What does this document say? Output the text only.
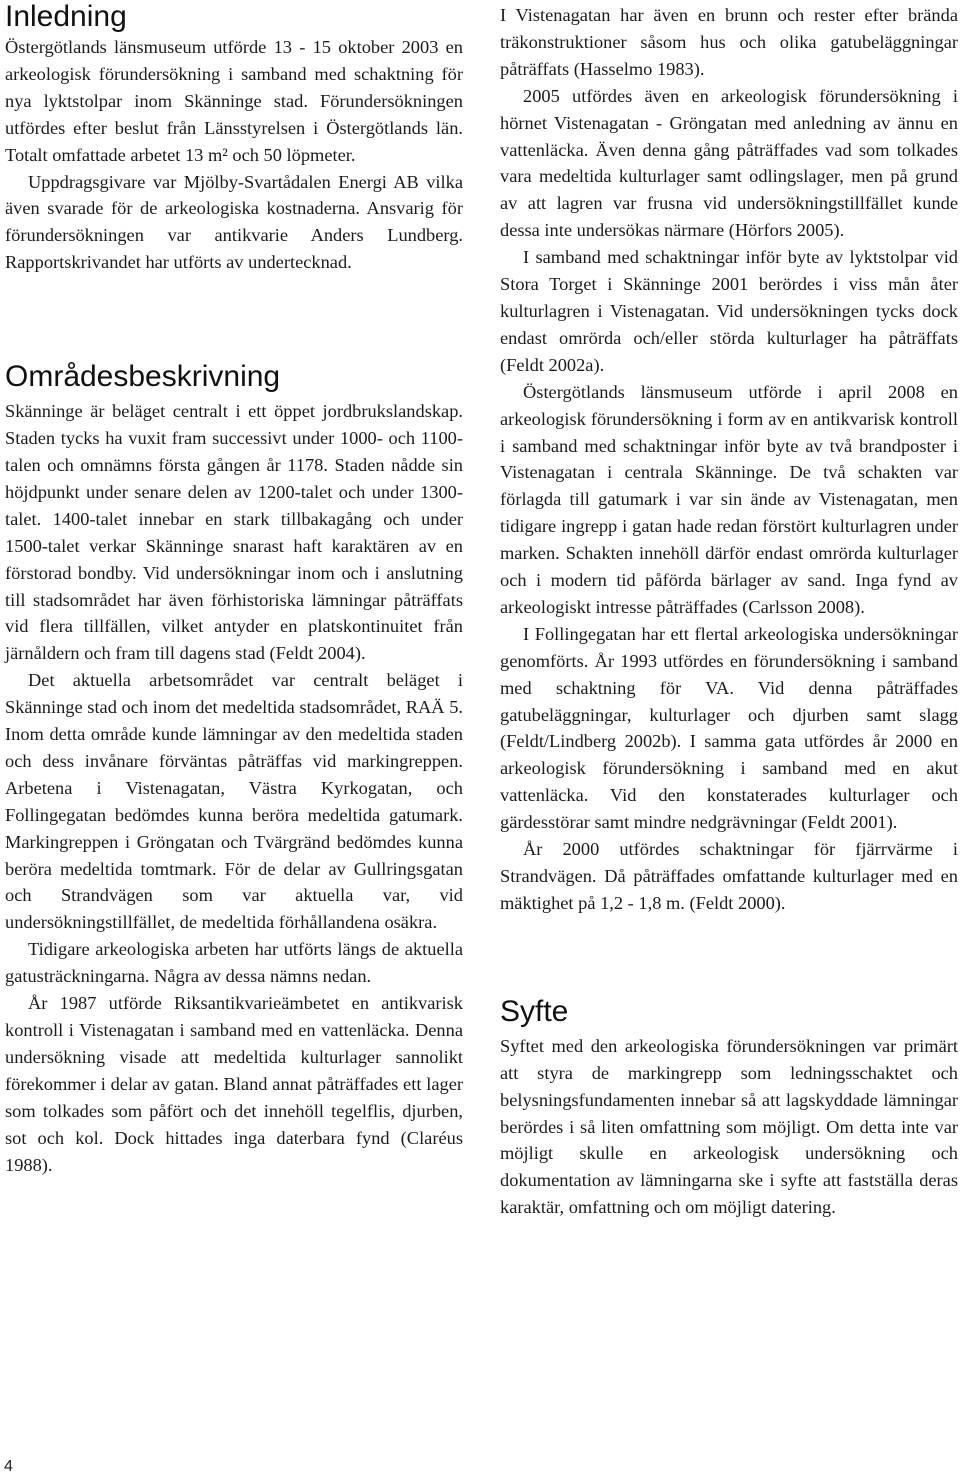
Inledning

Östergötlands länsmuseum utförde 13 - 15 oktober 2003 en arkeologisk förundersökning i samband med schaktning för nya lyktstolpar inom Skänninge stad. Förundersökningen utfördes efter beslut från Länsstyrelsen i Östergötlands län. Totalt omfattade arbetet 13 m² och 50 löpmeter.

Uppdragsgivare var Mjölby-Svartådalen Energi AB vilka även svarade för de arkeologiska kostnaderna. Ansvarig för förundersökningen var antikvarie Anders Lundberg. Rapportskrivandet har utförts av undertecknad.

Områdesbeskrivning

Skänninge är beläget centralt i ett öppet jordbrukslandskap. Staden tycks ha vuxit fram successivt under 1000- och 1100-talen och omnämns första gången år 1178. Staden nådde sin höjdpunkt under senare delen av 1200-talet och under 1300-talet. 1400-talet innebar en stark tillbakagång och under 1500-talet verkar Skänninge snarast haft karaktären av en förstorad bondby. Vid undersökningar inom och i anslutning till stadsområdet har även förhistoriska lämningar påträffats vid flera tillfällen, vilket antyder en platskontinuitet från järnåldern och fram till dagens stad (Feldt 2004).

Det aktuella arbetsområdet var centralt beläget i Skänninge stad och inom det medeltida stadsområdet, RAÄ 5. Inom detta område kunde lämningar av den medeltida staden och dess invånare förväntas påträffas vid markingreppen. Arbetena i Vistenagatan, Västra Kyrkogatan, och Follingegatan bedömdes kunna beröra medeltida gatumark. Markingreppen i Gröngatan och Tvärgränd bedömdes kunna beröra medeltida tomtmark. För de delar av Gullringsgatan och Strandvägen som var aktuella var, vid undersökningstillfället, de medeltida förhållandena osäkra.

Tidigare arkeologiska arbeten har utförts längs de aktuella gatusträckningarna. Några av dessa nämns nedan.

År 1987 utförde Riksantikvarieämbetet en antikvarisk kontroll i Vistenagatan i samband med en vattenläcka. Denna undersökning visade att medeltida kulturlager sannolikt förekommer i delar av gatan. Bland annat påträffades ett lager som tolkades som påfört och det innehöll tegelflis, djurben, sot och kol. Dock hittades inga daterbara fynd (Claréus 1988).

I Vistenagatan har även en brunn och rester efter brända träkonstruktioner såsom hus och olika gatubeläggningar påträffats (Hasselmo 1983).

2005 utfördes även en arkeologisk förundersökning i hörnet Vistenagatan - Gröngatan med anledning av ännu en vattenläcka. Även denna gång påträffades vad som tolkades vara medeltida kulturlager samt odlingslager, men på grund av att lagren var frusna vid undersökningstillfället kunde dessa inte undersökas närmare (Hörfors 2005).

I samband med schaktningar inför byte av lyktstolpar vid Stora Torget i Skänninge 2001 berördes i viss mån åter kulturlagren i Vistenagatan. Vid undersökningen tycks dock endast omrörda och/eller störda kulturlager ha påträffats (Feldt 2002a).

Östergötlands länsmuseum utförde i april 2008 en arkeologisk förundersökning i form av en antikvarisk kontroll i samband med schaktningar inför byte av två brandposter i Vistenagatan i centrala Skänninge. De två schakten var förlagda till gatumark i var sin ände av Vistenagatan, men tidigare ingrepp i gatan hade redan förstört kulturlagren under marken. Schakten innehöll därför endast omrörda kulturlager och i modern tid påförda bärlager av sand. Inga fynd av arkeologiskt intresse påträffades (Carlsson 2008).

I Follingegatan har ett flertal arkeologiska undersökningar genomförts. År 1993 utfördes en förundersökning i samband med schaktning för VA. Vid denna påträffades gatubeläggningar, kulturlager och djurben samt slagg (Feldt/Lindberg 2002b). I samma gata utfördes år 2000 en arkeologisk förundersökning i samband med en akut vattenläcka. Vid den konstaterades kulturlager och gärdesstörar samt mindre nedgrävningar (Feldt 2001).

År 2000 utfördes schaktningar för fjärrvärme i Strandvägen. Då påträffades omfattande kulturlager med en mäktighet på 1,2 - 1,8 m. (Feldt 2000).

Syfte

Syftet med den arkeologiska förundersökningen var primärt att styra de markingrepp som ledningsschaktet och belysningsfundamenten innebar så att lagskyddade lämningar berördes i så liten omfattning som möjligt. Om detta inte var möjligt skulle en arkeologisk undersökning och dokumentation av lämningarna ske i syfte att fastställa deras karaktär, omfattning och om möjligt datering.

4
